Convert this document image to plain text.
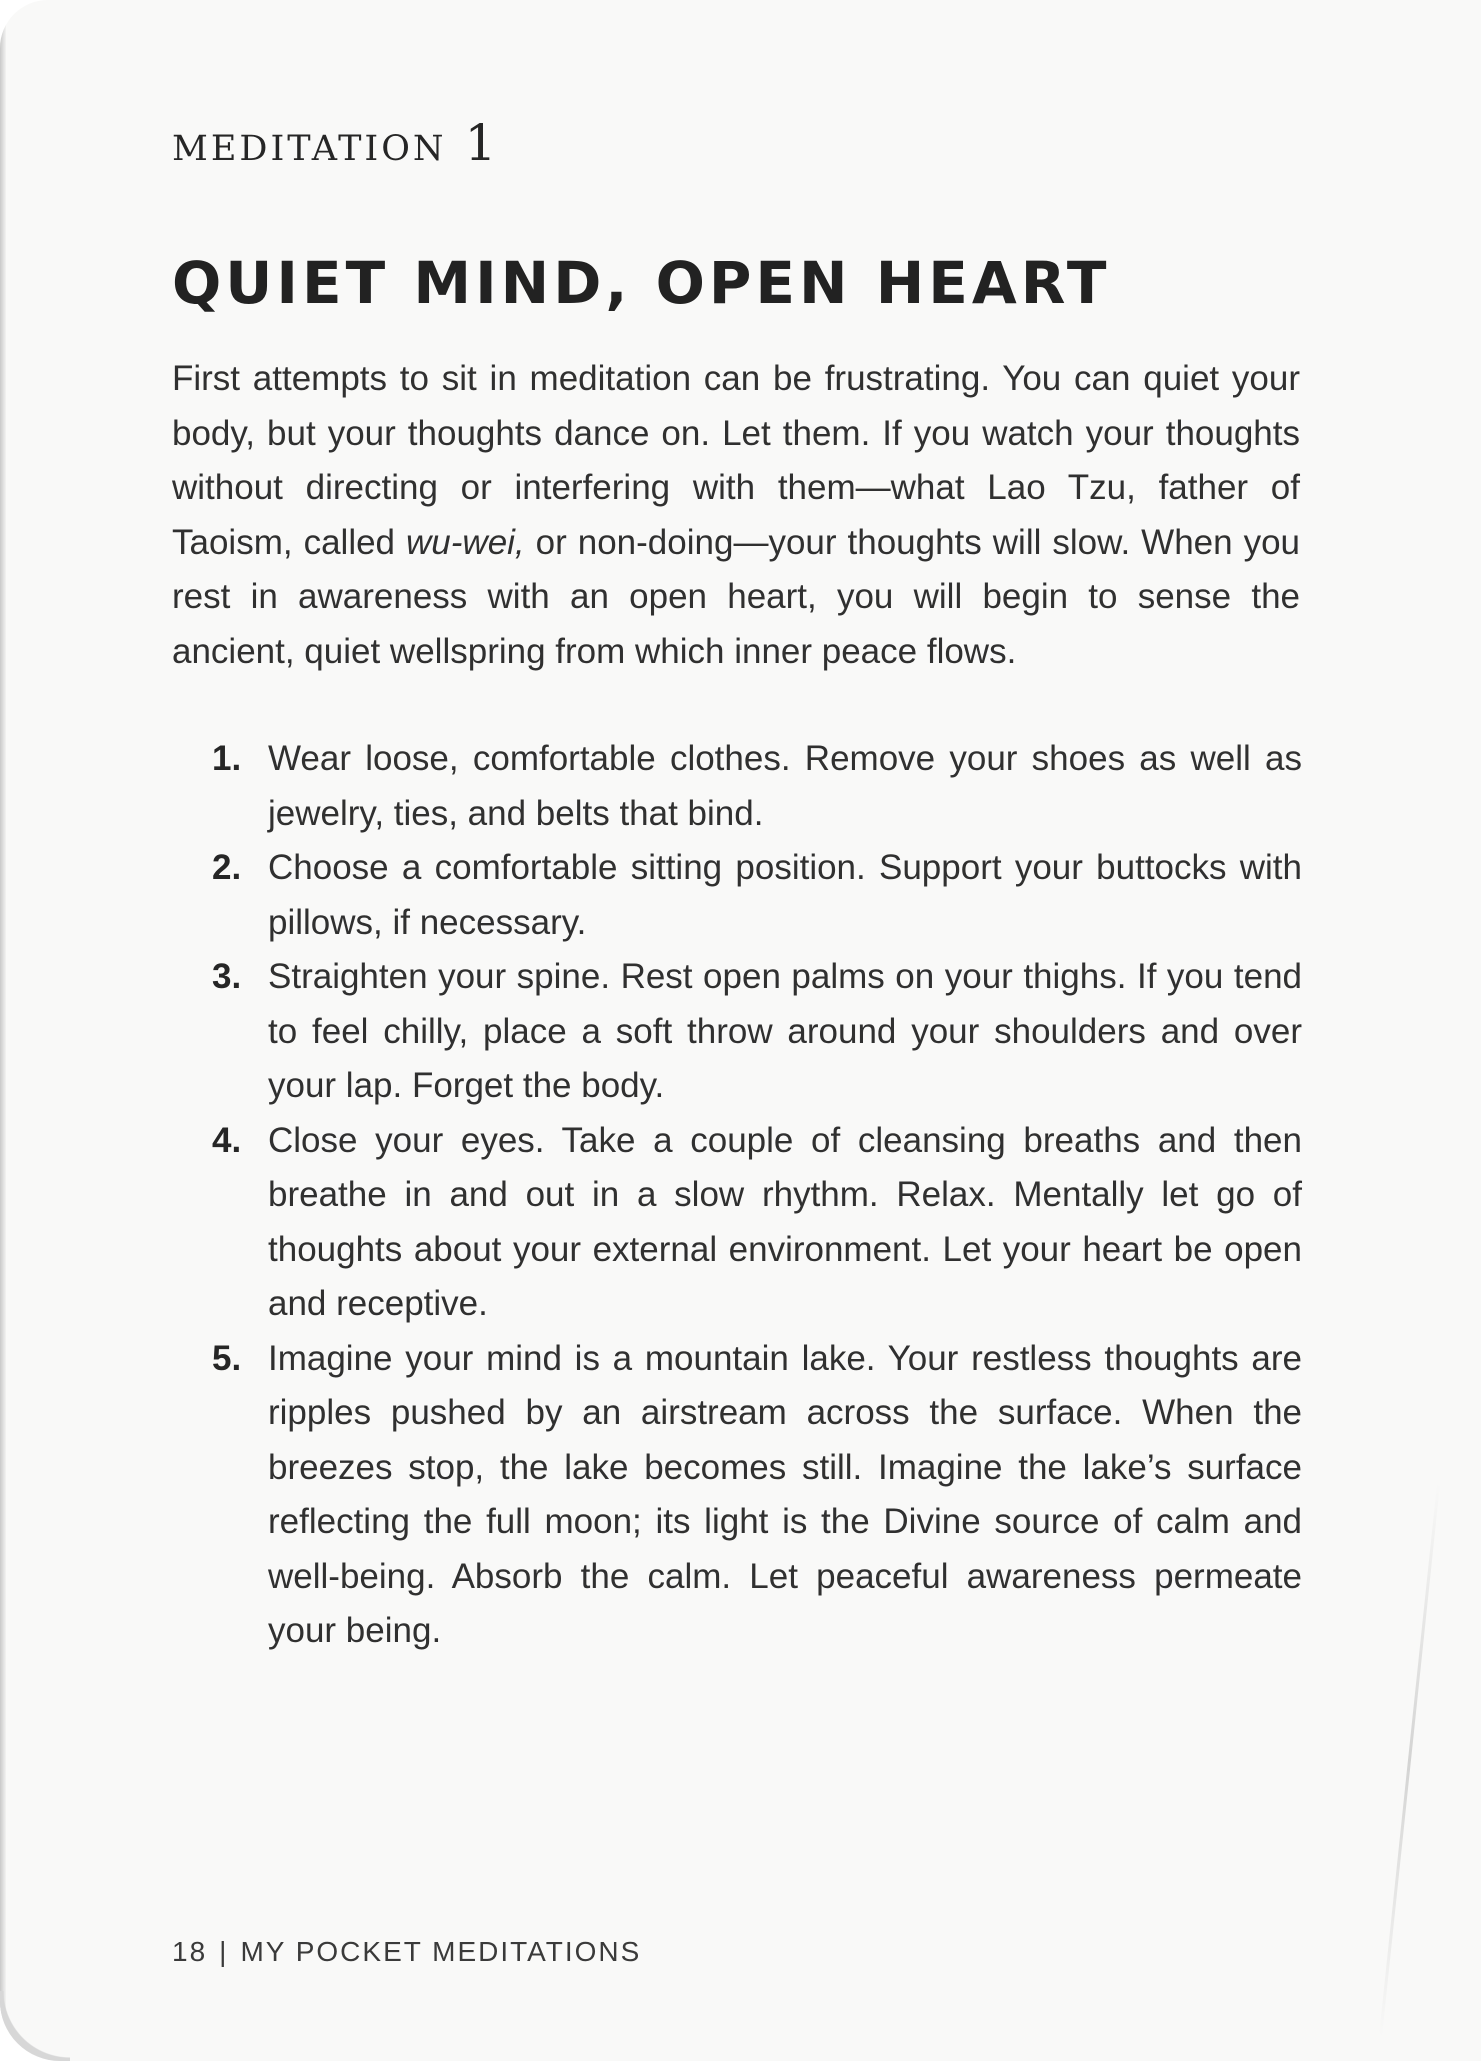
meditation 1
QUIET MIND, OPEN HEART

First attempts to sit in meditation can be frustrating. You can quiet your body, but your thoughts dance on. Let them. If you watch your thoughts without directing or interfering with them—what Lao Tzu, father of Taoism, called wu-wei, or non-doing—your thoughts will slow. When you rest in awareness with an open heart, you will begin to sense the ancient, quiet wellspring from which inner peace flows.

1. Wear loose, comfortable clothes. Remove your shoes as well as jewelry, ties, and belts that bind.
2. Choose a comfortable sitting position. Support your buttocks with pillows, if necessary.
3. Straighten your spine. Rest open palms on your thighs. If you tend to feel chilly, place a soft throw around your shoulders and over your lap. Forget the body.
4. Close your eyes. Take a couple of cleansing breaths and then breathe in and out in a slow rhythm. Relax. Mentally let go of thoughts about your external environment. Let your heart be open and receptive.
5. Imagine your mind is a mountain lake. Your restless thoughts are ripples pushed by an airstream across the surface. When the breezes stop, the lake becomes still. Imagine the lake’s surface reflecting the full moon; its light is the Divine source of calm and well-being. Absorb the calm. Let peaceful awareness permeate your being.
18 | MY POCKET MEDITATIONS
